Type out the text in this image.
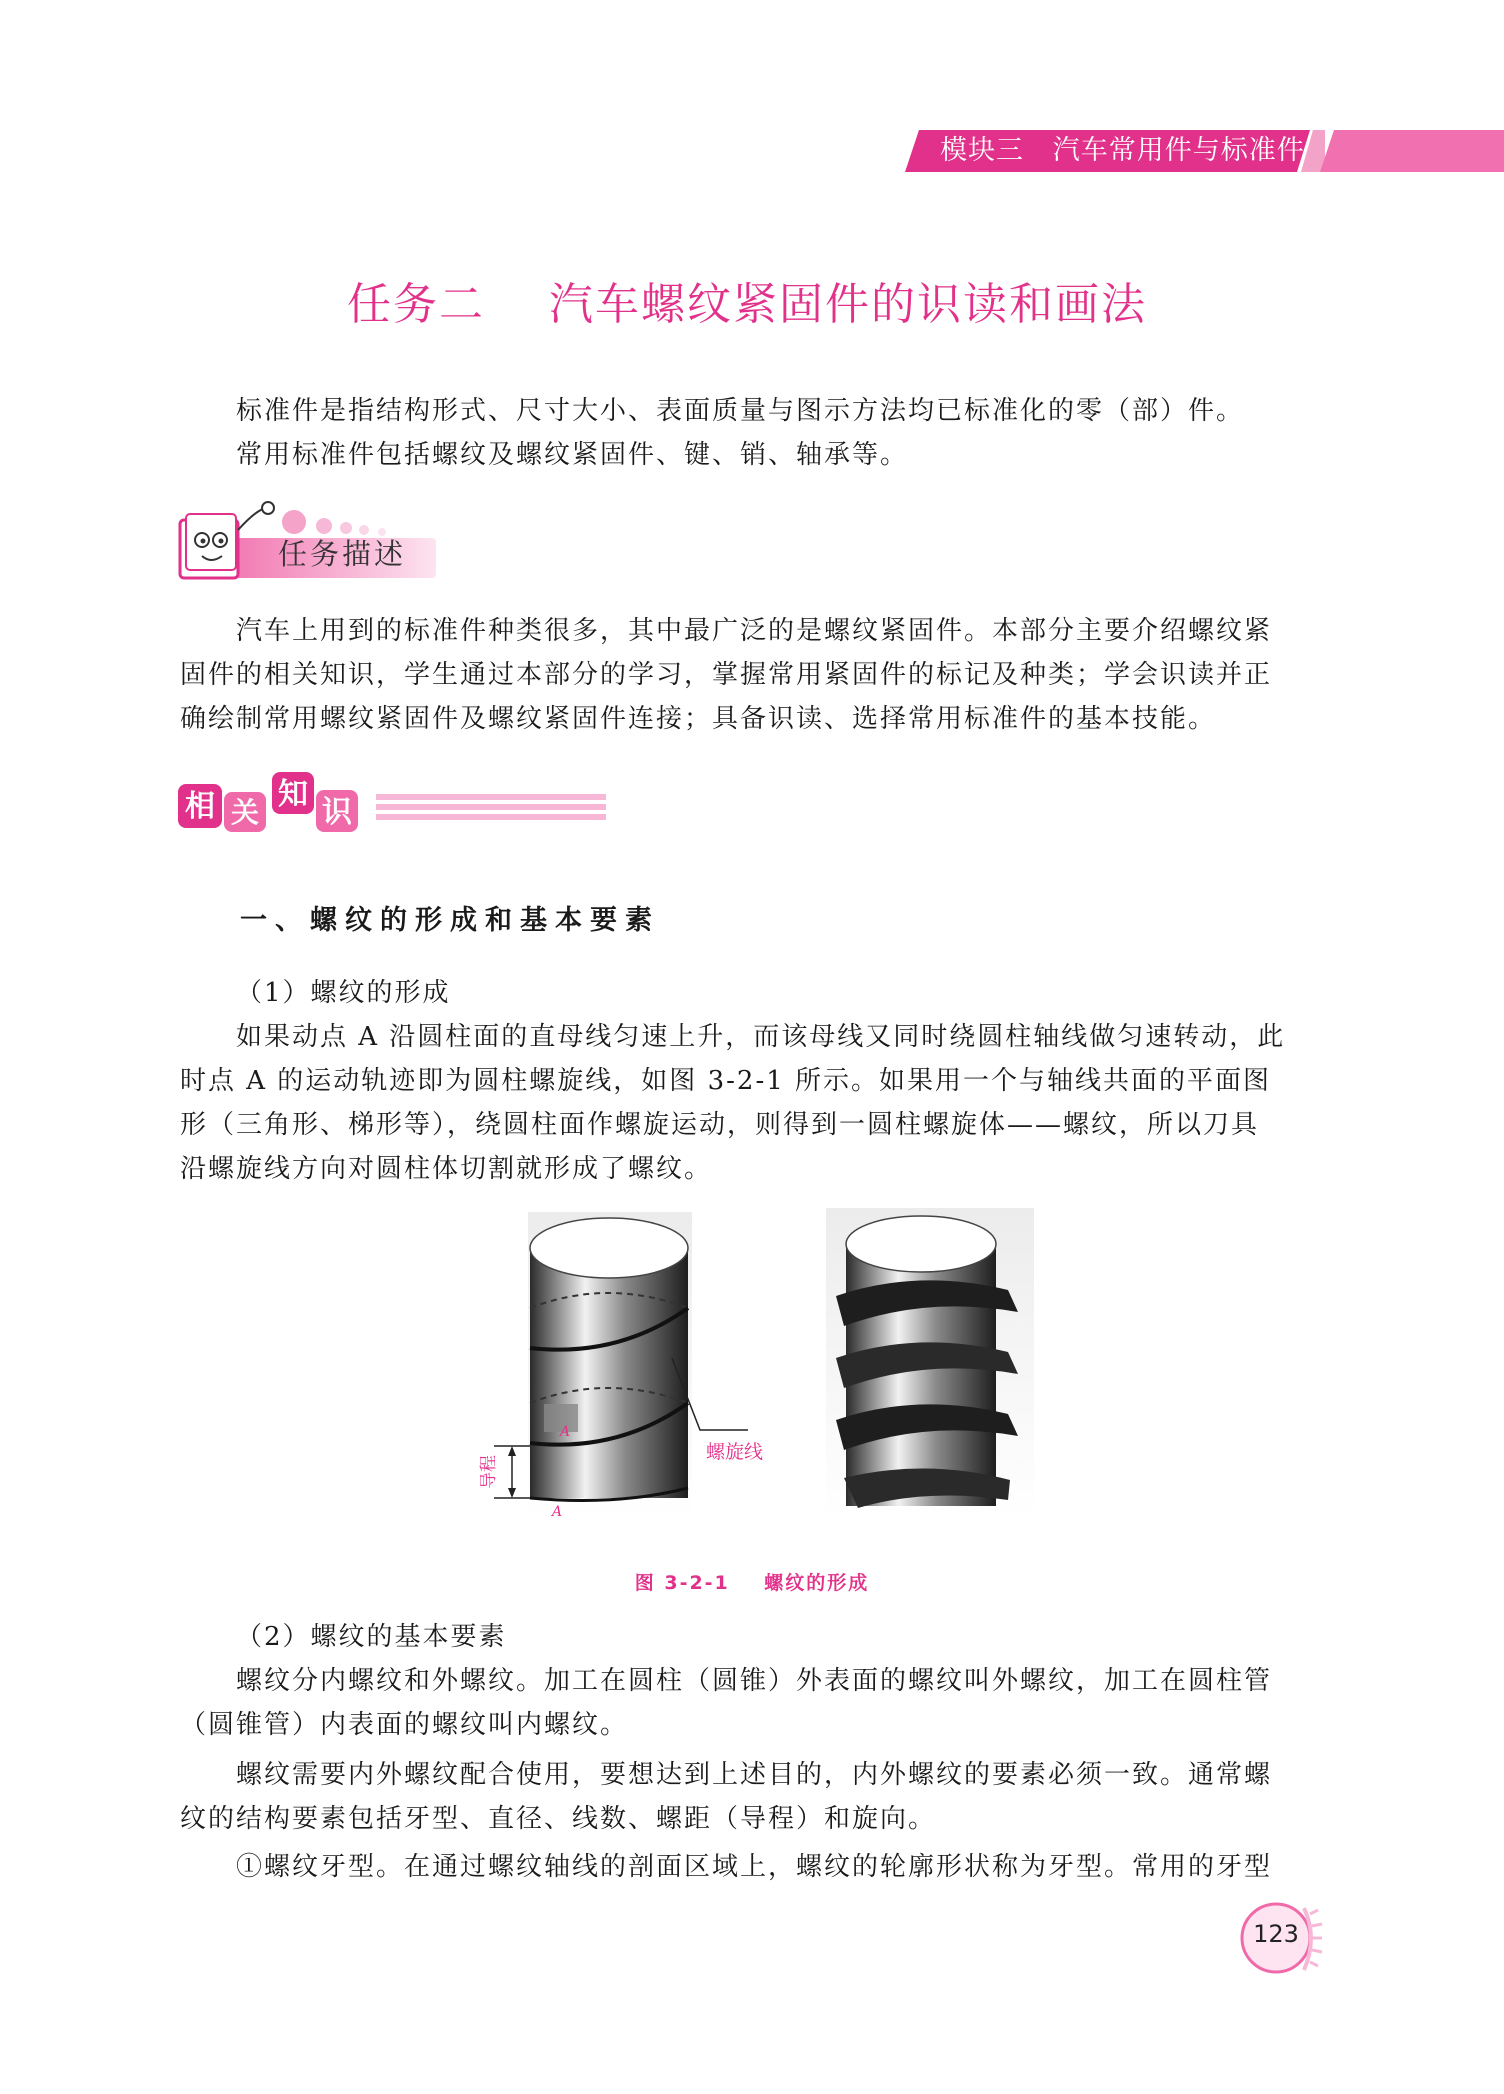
模块三   汽车常用件与标准件
任务二    汽车螺纹紧固件的识读和画法
标准件是指结构形式、尺寸大小、表面质量与图示方法均已标准化的零（部）件。
常用标准件包括螺纹及螺纹紧固件、键、销、轴承等。
任务描述
汽车上用到的标准件种类很多，其中最广泛的是螺纹紧固件。本部分主要介绍螺纹紧
固件的相关知识，学生通过本部分的学习，掌握常用紧固件的标记及种类；学会识读并正
确绘制常用螺纹紧固件及螺纹紧固件连接；具备识读、选择常用标准件的基本技能。
相 关
知
识
一、螺纹的形成和基本要素
（1）螺纹的形成
如果动点 A 沿圆柱面的直母线匀速上升，而该母线又同时绕圆柱轴线做匀速转动，此
时点 A 的运动轨迹即为圆柱螺旋线，如图 3-2-1 所示。如果用一个与轴线共面的平面图
形（三角形、梯形等），绕圆柱面作螺旋运动，则得到一圆柱螺旋体——螺纹，所以刀具
沿螺旋线方向对圆柱体切割就形成了螺纹。
导程
A
A
螺旋线
图 3-2-1    螺纹的形成
（2）螺纹的基本要素
螺纹分内螺纹和外螺纹。加工在圆柱（圆锥）外表面的螺纹叫外螺纹，加工在圆柱管
（圆锥管）内表面的螺纹叫内螺纹。
螺纹需要内外螺纹配合使用，要想达到上述目的，内外螺纹的要素必须一致。通常螺
纹的结构要素包括牙型、直径、线数、螺距（导程）和旋向。
①螺纹牙型。在通过螺纹轴线的剖面区域上，螺纹的轮廓形状称为牙型。常用的牙型
123
